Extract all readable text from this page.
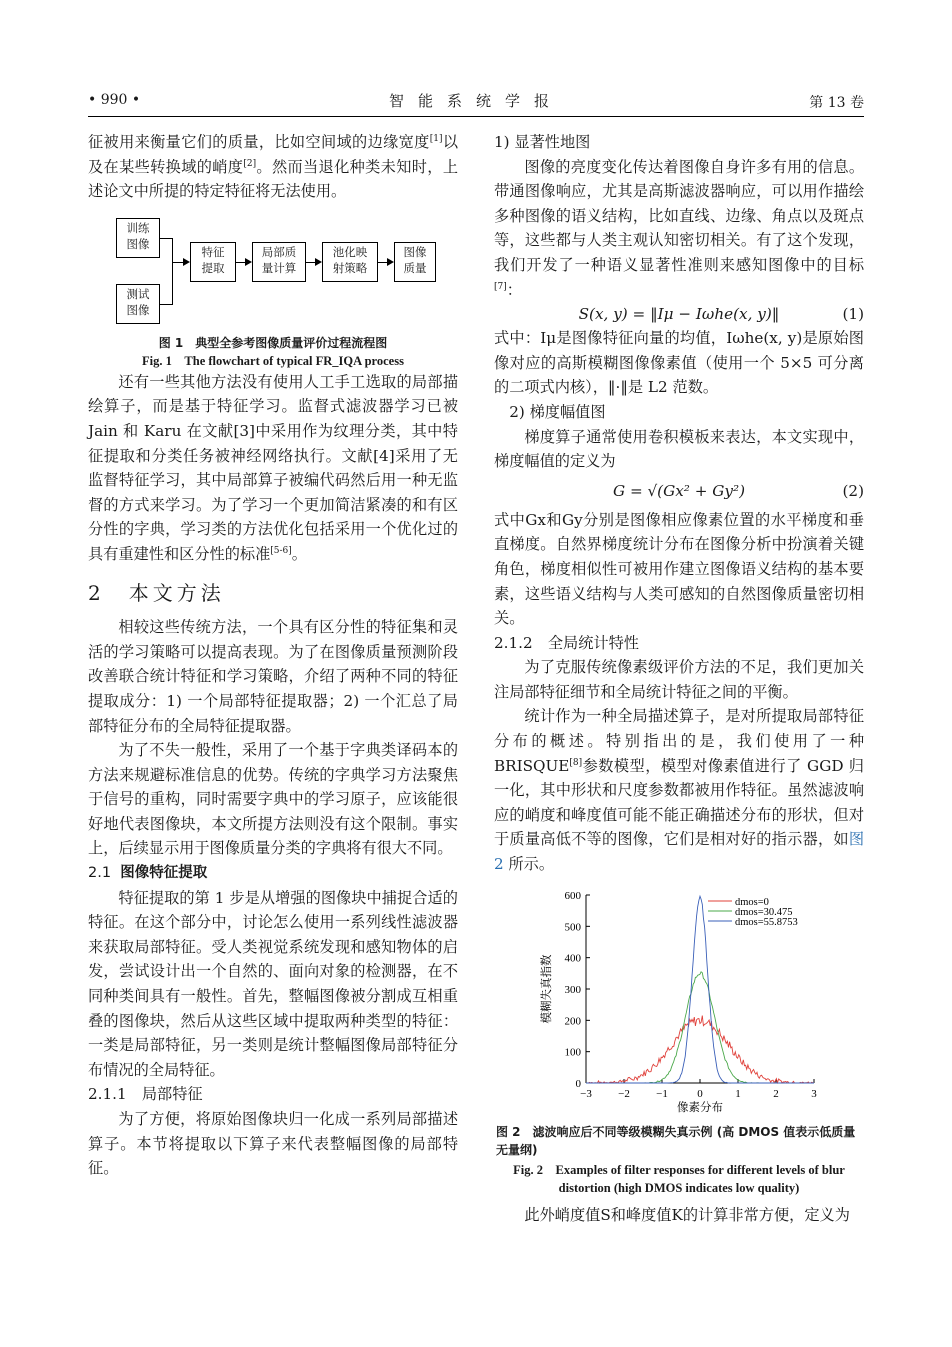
• 990 •	智能系统学报	第 13 卷

征被用来衡量它们的质量，比如空间域的边缘宽度[1]以及在某些转换域的峭度[2]。然而当退化种类未知时，上述论文中所提的特定特征将无法使用。

训练
图像
测试
图像
特征
提取
局部质
量计算
池化映
射策略
图像
质量
图 1　典型全参考图像质量评价过程流程图
Fig. 1　The flowchart of typical FR_IQA process

还有一些其他方法没有使用人工手工选取的局部描绘算子，而是基于特征学习。监督式滤波器学习已被 Jain 和 Karu 在文献[3]中采用作为纹理分类，其中特征提取和分类任务被神经网络执行。文献[4]采用了无监督特征学习，其中局部算子被编代码然后用一种无监督的方式来学习。为了学习一个更加简洁紧凑的和有区分性的字典，学习类的方法优化包括采用一个优化过的具有重建性和区分性的标准[5-6]。

2　本文方法

相较这些传统方法，一个具有区分性的特征集和灵活的学习策略可以提高表现。为了在图像质量预测阶段改善联合统计特征和学习策略，介绍了两种不同的特征提取成分：1) 一个局部特征提取器；2) 一个汇总了局部特征分布的全局特征提取器。

为了不失一般性，采用了一个基于字典类译码本的方法来规避标准信息的优势。传统的字典学习方法聚焦于信号的重构，同时需要字典中的学习原子，应该能很好地代表图像块，本文所提方法则没有这个限制。事实上，后续显示用于图像质量分类的字典将有很大不同。

2.1 图像特征提取

特征提取的第 1 步是从增强的图像块中捕捉合适的特征。在这个部分中，讨论怎么使用一系列线性滤波器来获取局部特征。受人类视觉系统发现和感知物体的启发，尝试设计出一个自然的、面向对象的检测器，在不同种类间具有一般性。首先，整幅图像被分割成互相重叠的图像块，然后从这些区域中提取两种类型的特征：一类是局部特征，另一类则是统计整幅图像局部特征分布情况的全局特征。

2.1.1　局部特征

为了方便，将原始图像块归一化成一系列局部描述算子。本节将提取以下算子来代表整幅图像的局部特征。

1) 显著性地图

图像的亮度变化传达着图像自身许多有用的信息。带通图像响应，尤其是高斯滤波器响应，可以用作描绘多种图像的语义结构，比如直线、边缘、角点以及斑点等，这些都与人类主观认知密切相关。有了这个发现，我们开发了一种语义显著性准则来感知图像中的目标[7]：

S(x, y) = ‖Iμ − Iωhe(x, y)‖	(1)

式中：Iμ是图像特征向量的均值，Iωhe(x, y)是原始图像对应的高斯模糊图像像素值（使用一个 5×5 可分离的二项式内核），‖·‖是 L2 范数。

2) 梯度幅值图

梯度算子通常使用卷积模板来表达，本文实现中，梯度幅值的定义为

G = √(Gx² + Gy²)	(2)

式中Gx和Gy分别是图像相应像素位置的水平梯度和垂直梯度。自然界梯度统计分布在图像分析中扮演着关键角色，梯度相似性可被用作建立图像语义结构的基本要素，这些语义结构与人类可感知的自然图像质量密切相关。

2.1.2　全局统计特性

为了克服传统像素级评价方法的不足，我们更加关注局部特征细节和全局统计特征之间的平衡。

统计作为一种全局描述算子，是对所提取局部特征分布的概述。特别指出的是，我们使用了一种 BRISQUE[8]参数模型，模型对像素值进行了 GGD 归一化，其中形状和尺度参数都被用作特征。虽然滤波响应的峭度和峰度值可能不能正确描述分布的形状，但对于质量高低不等的图像，它们是相对好的指示器，如图 2 所示。

0
100
200
300
400
500
600
−3 −2 −1	0	1	2	3
像素分布
模糊失真指数
dmos=0
dmos=30.475
dmos=55.8753
图 2　滤波响应后不同等级模糊失真示例 (高 DMOS 值表示低质量无量纲)
Fig. 2　Examples of filter responses for different levels of blur distortion (high DMOS indicates low quality)

此外峭度值S和峰度值K的计算非常方便，定义为
